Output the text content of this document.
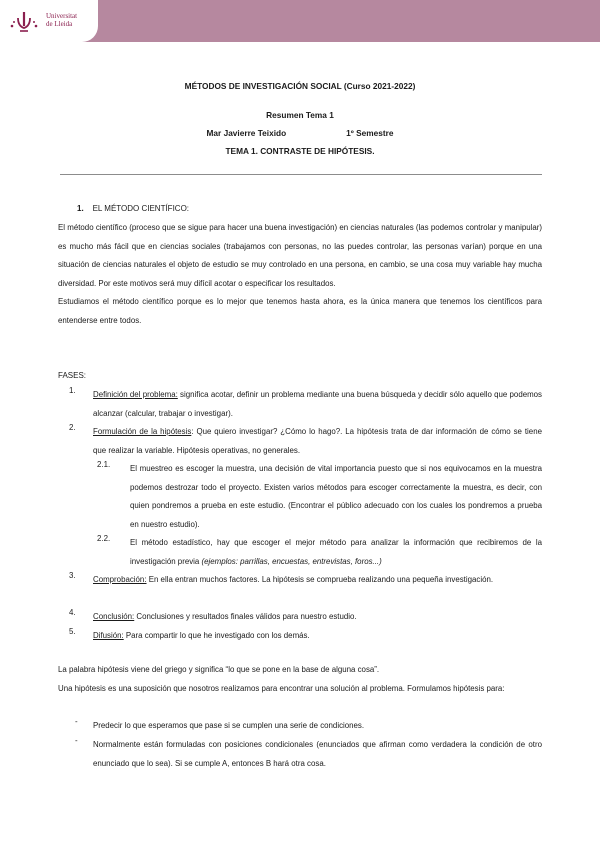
Universitat
de Lleida
MÉTODOS DE INVESTIGACIÓN SOCIAL (Curso 2021-2022)
Resumen Tema 1
Mar Javierre Teixido	1º Semestre
TEMA 1. CONTRASTE DE HIPÓTESIS.
1. EL MÉTODO CIENTÍFICO:

El método científico (proceso que se sigue para hacer una buena investigación) en ciencias naturales (las podemos controlar y manipular) es mucho más fácil que en ciencias sociales (trabajamos con personas, no las puedes controlar, las personas varían) porque en una situación de ciencias naturales el objeto de estudio se muy controlado en una persona, en cambio, se una cosa muy variable hay mucha diversidad. Por este motivos será muy difícil acotar o especificar los resultados.

Estudiamos el método científico porque es lo mejor que tenemos hasta ahora, es la única manera que tenemos los científicos para entenderse entre todos.

FASES:
1. Definición del problema: significa acotar, definir un problema mediante una buena búsqueda y decidir sólo aquello que podemos alcanzar (calcular, trabajar o investigar).
2. Formulación de la hipótesis: Que quiero investigar? ¿Cómo lo hago?. La hipótesis trata de dar información de cómo se tiene que realizar la variable. Hipótesis operativas, no generales.
2.1.	El muestreo es escoger la muestra, una decisión de vital importancia puesto que si nos equivocamos en la muestra podemos destrozar todo el proyecto. Existen varios métodos para escoger correctamente la muestra, es decir, con quien pondremos a prueba en este estudio. (Encontrar el público adecuado con los cuales los pondremos a prueba en nuestro estudio).
2.2.	El método estadístico, hay que escoger el mejor método para analizar la información que recibiremos de la investigación previa (ejemplos: parrillas, encuestas, entrevistas, foros...)
3. Comprobación: En ella entran muchos factores. La hipótesis se comprueba realizando una pequeña investigación.
4. Conclusión: Conclusiones y resultados finales válidos para nuestro estudio.
5. Difusión: Para compartir lo que he investigado con los demás.

La palabra hipótesis viene del griego y significa “lo que se pone en la base de alguna cosa”.

Una hipótesis es una suposición que nosotros realizamos para encontrar una solución al problema. Formulamos hipótesis para:

- Predecir lo que esperamos que pase si se cumplen una serie de condiciones.
- Normalmente están formuladas con posiciones condicionales (enunciados que afirman como verdadera la condición de otro enunciado que lo sea). Si se cumple A, entonces B hará otra cosa.
